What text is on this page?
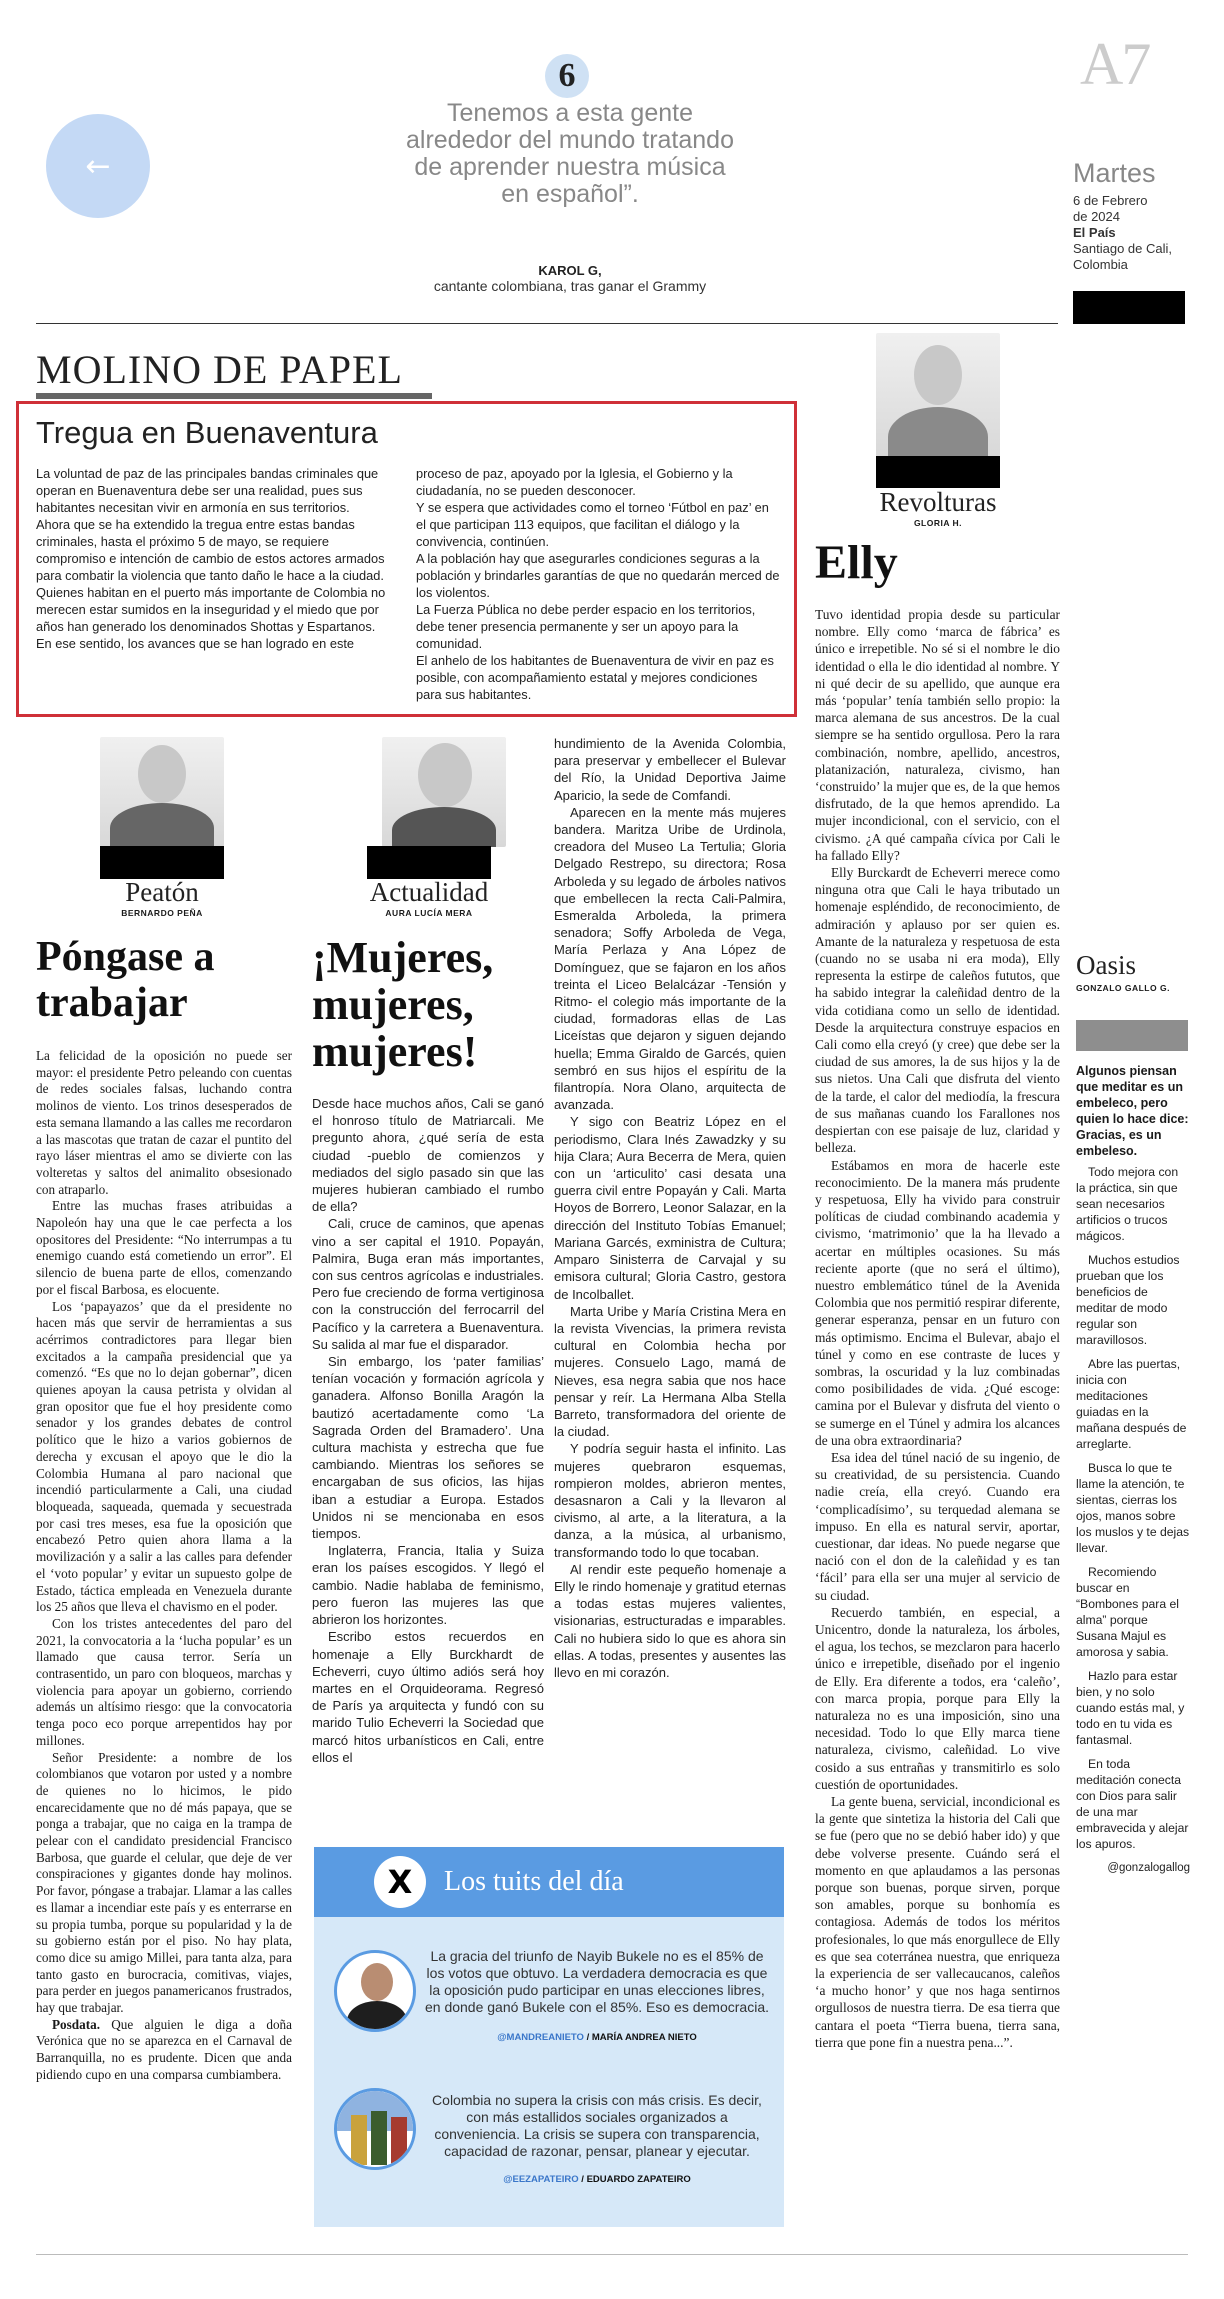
←
6
Tenemos a esta gente alrededor del mundo tratando de aprender nuestra música en español”.
KAROL G,
cantante colombiana, tras ganar el Grammy
A7
Martes
6 de Febrero
de 2024
El País
Santiago de Cali,
Colombia
MOLINO DE PAPEL
Tregua en Buenaventura

La voluntad de paz de las principales bandas criminales que operan en Buenaventura debe ser una realidad, pues sus habitantes necesitan vivir en armonía en sus territorios.

Ahora que se ha extendido la tregua entre estas bandas criminales, hasta el próximo 5 de mayo, se requiere compromiso e intención de cambio de estos actores armados para combatir la violencia que tanto daño le hace a la ciudad.

Quienes habitan en el puerto más importante de Colombia no merecen estar sumidos en la inseguridad y el miedo que por años han generado los denominados Shottas y Espartanos.

En ese sentido, los avances que se han logrado en este

proceso de paz, apoyado por la Iglesia, el Gobierno y la ciudadanía, no se pueden desconocer.

Y se espera que actividades como el torneo ‘Fútbol en paz’ en el que participan 113 equipos, que facilitan el diálogo y la convivencia, continúen.

A la población hay que asegurarles condiciones seguras a la población y brindarles garantías de que no quedarán merced de los violentos.

La Fuerza Pública no debe perder espacio en los territorios, debe tener presencia permanente y ser un apoyo para la comunidad.

El anhelo de los habitantes de Buenaventura de vivir en paz es posible, con acompañamiento estatal y mejores condiciones para sus habitantes.

Revolturas
GLORIA H.
Elly

Tuvo identidad propia desde su particular nombre. Elly como ‘marca de fábrica’ es único e irrepetible. No sé si el nombre le dio identidad o ella le dio identidad al nombre. Y ni qué decir de su apellido, que aunque era más ‘popular’ tenía también sello propio: la marca alemana de sus ancestros. De la cual siempre se ha sentido orgullosa. Pero la rara combinación, nombre, apellido, ancestros, platanización, naturaleza, civismo, han ‘construido’ la mujer que es, de la que hemos disfrutado, de la que hemos aprendido. La mujer incondicional, con el servicio, con el civismo. ¿A qué campaña cívica por Cali le ha fallado Elly?

Elly Burckardt de Echeverri merece como ninguna otra que Cali le haya tributado un homenaje espléndido, de reconocimiento, de admiración y aplauso por ser quien es. Amante de la naturaleza y respetuosa de esta (cuando no se usaba ni era moda), Elly representa la estirpe de caleños fututos, que ha sabido integrar la caleñidad dentro de la vida cotidiana como un sello de identidad. Desde la arquitectura construye espacios en Cali como ella creyó (y cree) que debe ser la ciudad de sus amores, la de sus hijos y la de sus nietos. Una Cali que disfruta del viento de la tarde, el calor del mediodía, la frescura de sus mañanas cuando los Farallones nos despiertan con ese paisaje de luz, claridad y belleza.

Estábamos en mora de hacerle este reconocimiento. De la manera más prudente y respetuosa, Elly ha vivido para construir políticas de ciudad combinando academia y civismo, ‘matrimonio’ que la ha llevado a acertar en múltiples ocasiones. Su más reciente aporte (que no será el último), nuestro emblemático túnel de la Avenida Colombia que nos permitió respirar diferente, generar esperanza, pensar en un futuro con más optimismo. Encima el Bulevar, abajo el túnel y como en ese contraste de luces y sombras, la oscuridad y la luz combinadas como posibilidades de vida. ¿Qué escoge: camina por el Bulevar y disfruta del viento o se sumerge en el Túnel y admira los alcances de una obra extraordinaria?

Esa idea del túnel nació de su ingenio, de su creatividad, de su persistencia. Cuando nadie creía, ella creyó. Cuando era ‘complicadísimo’, su terquedad alemana se impuso. En ella es natural servir, aportar, cuestionar, dar ideas. No puede negarse que nació con el don de la caleñidad y es tan ‘fácil’ para ella ser una mujer al servicio de su ciudad.

Recuerdo también, en especial, a Unicentro, donde la naturaleza, los árboles, el agua, los techos, se mezclaron para hacerlo único e irrepetible, diseñado por el ingenio de Elly. Era diferente a todos, era ‘caleño’, con marca propia, porque para Elly la naturaleza no es una imposición, sino una necesidad. Todo lo que Elly marca tiene naturaleza, civismo, caleñidad. Lo vive cosido a sus entrañas y transmitirlo es solo cuestión de oportunidades.

La gente buena, servicial, incondicional es la gente que sintetiza la historia del Cali que se fue (pero que no se debió haber ido) y que debe volverse presente. Cuándo será el momento en que aplaudamos a las personas porque son buenas, porque sirven, porque son amables, porque su bonhomía es contagiosa. Además de todos los méritos profesionales, lo que más enorgullece de Elly es que sea coterránea nuestra, que enriqueza la experiencia de ser vallecaucanos, caleños ‘a mucho honor’ y que nos haga sentirnos orgullosos de nuestra tierra. De esa tierra que cantara el poeta “Tierra buena, tierra sana, tierra que pone fin a nuestra pena...”.

Peatón
BERNARDO PEÑA
Póngase a trabajar

La felicidad de la oposición no puede ser mayor: el presidente Petro peleando con cuentas de redes sociales falsas, luchando contra molinos de viento. Los trinos desesperados de esta semana llamando a las calles me recordaron a las mascotas que tratan de cazar el puntito del rayo láser mientras el amo se divierte con las volteretas y saltos del animalito obsesionado con atraparlo.

Entre las muchas frases atribuidas a Napoleón hay una que le cae perfecta a los opositores del Presidente: “No interrumpas a tu enemigo cuando está cometiendo un error”. El silencio de buena parte de ellos, comenzando por el fiscal Barbosa, es elocuente.

Los ‘papayazos’ que da el presidente no hacen más que servir de herramientas a sus acérrimos contradictores para llegar bien excitados a la campaña presidencial que ya comenzó. “Es que no lo dejan gobernar”, dicen quienes apoyan la causa petrista y olvidan al gran opositor que fue el hoy presidente como senador y los grandes debates de control político que le hizo a varios gobiernos de derecha y excusan el apoyo que le dio la Colombia Humana al paro nacional que incendió particularmente a Cali, una ciudad bloqueada, saqueada, quemada y secuestrada por casi tres meses, esa fue la oposición que encabezó Petro quien ahora llama a la movilización y a salir a las calles para defender el ‘voto popular’ y evitar un supuesto golpe de Estado, táctica empleada en Venezuela durante los 25 años que lleva el chavismo en el poder.

Con los tristes antecedentes del paro del 2021, la convocatoria a la ‘lucha popular’ es un llamado que causa terror. Sería un contrasentido, un paro con bloqueos, marchas y violencia para apoyar un gobierno, corriendo además un altísimo riesgo: que la convocatoria tenga poco eco porque arrepentidos hay por millones.

Señor Presidente: a nombre de los colombianos que votaron por usted y a nombre de quienes no lo hicimos, le pido encarecidamente que no dé más papaya, que se ponga a trabajar, que no caiga en la trampa de pelear con el candidato presidencial Francisco Barbosa, que guarde el celular, que deje de ver conspiraciones y gigantes donde hay molinos. Por favor, póngase a trabajar. Llamar a las calles es llamar a incendiar este país y es enterrarse en su propia tumba, porque su popularidad y la de su gobierno están por el piso. No hay plata, como dice su amigo Millei, para tanta alza, para tanto gasto en burocracia, comitivas, viajes, para perder en juegos panamericanos frustrados, hay que trabajar.

Posdata. Que alguien le diga a doña Verónica que no se aparezca en el Carnaval de Barranquilla, no es prudente. Dicen que anda pidiendo cupo en una comparsa cumbiambera.

Actualidad
AURA LUCÍA MERA
¡Mujeres, mujeres, mujeres!

Desde hace muchos años, Cali se ganó el honroso título de Matriarcali. Me pregunto ahora, ¿qué sería de esta ciudad -pueblo de comienzos y mediados del siglo pasado sin que las mujeres hubieran cambiado el rumbo de ella?

Cali, cruce de caminos, que apenas vino a ser capital el 1910. Popayán, Palmira, Buga eran más importantes, con sus centros agrícolas e industriales. Pero fue creciendo de forma vertiginosa con la construcción del ferrocarril del Pacífico y la carretera a Buenaventura. Su salida al mar fue el disparador.

Sin embargo, los ‘pater familias’ tenían vocación y formación agrícola y ganadera. Alfonso Bonilla Aragón la bautizó acertadamente como ‘La Sagrada Orden del Bramadero’. Una cultura machista y estrecha que fue cambiando. Mientras los señores se encargaban de sus oficios, las hijas iban a estudiar a Europa. Estados Unidos ni se mencionaba en esos tiempos.

Inglaterra, Francia, Italia y Suiza eran los países escogidos. Y llegó el cambio. Nadie hablaba de feminismo, pero fueron las mujeres las que abrieron los horizontes.

Escribo estos recuerdos en homenaje a Elly Burckhardt de Echeverri, cuyo último adiós será hoy martes en el Orquideorama. Regresó de París ya arquitecta y fundó con su marido Tulio Echeverri la Sociedad que marcó hitos urbanísticos en Cali, entre ellos el

hundimiento de la Avenida Colombia, para preservar y embellecer el Bulevar del Río, la Unidad Deportiva Jaime Aparicio, la sede de Comfandi.

Aparecen en la mente más mujeres bandera. Maritza Uribe de Urdinola, creadora del Museo La Tertulia; Gloria Delgado Restrepo, su directora; Rosa Arboleda y su legado de árboles nativos que embellecen la recta Cali-Palmira, Esmeralda Arboleda, la primera senadora; Soffy Arboleda de Vega, María Perlaza y Ana López de Domínguez, que se fajaron en los años treinta el Liceo Belalcázar -Tensión y Ritmo- el colegio más importante de la ciudad, formadoras ellas de Las Liceístas que dejaron y siguen dejando huella; Emma Giraldo de Garcés, quien sembró en sus hijos el espíritu de la filantropía. Nora Olano, arquitecta de avanzada.

Y sigo con Beatriz López en el periodismo, Clara Inés Zawadzky y su hija Clara; Aura Becerra de Mera, quien con un ‘articulito’ casi desata una guerra civil entre Popayán y Cali. Marta Hoyos de Borrero, Leonor Salazar, en la dirección del Instituto Tobías Emanuel; Mariana Garcés, exministra de Cultura; Amparo Sinisterra de Carvajal y su emisora cultural; Gloria Castro, gestora de Incolballet.

Marta Uribe y María Cristina Mera en la revista Vivencias, la primera revista cultural en Colombia hecha por mujeres. Consuelo Lago, mamá de Nieves, esa negra sabia que nos hace pensar y reír. La Hermana Alba Stella Barreto, transformadora del oriente de la ciudad.

Y podría seguir hasta el infinito. Las mujeres quebraron esquemas, rompieron moldes, abrieron mentes, desasnaron a Cali y la llevaron al civismo, al arte, a la literatura, a la danza, a la música, al urbanismo, transformando todo lo que tocaban.

Al rendir este pequeño homenaje a Elly le rindo homenaje y gratitud eternas a todas estas mujeres valientes, visionarias, estructuradas e imparables. Cali no hubiera sido lo que es ahora sin ellas. A todas, presentes y ausentes las llevo en mi corazón.

Oasis
GONZALO GALLO G.
Algunos piensan que meditar es un embeleco, pero quien lo hace dice: Gracias, es un embeleso.

Todo mejora con la práctica, sin que sean necesarios artificios o trucos mágicos.

Muchos estudios prueban que los beneficios de meditar de modo regular son maravillosos.

Abre las puertas, inicia con meditaciones guiadas en la mañana después de arreglarte.

Busca lo que te llame la atención, te sientas, cierras los ojos, manos sobre los muslos y te dejas llevar.

Recomiendo buscar en “Bombones para el alma” porque Susana Majul es amorosa y sabia.

Hazlo para estar bien, y no solo cuando estás mal, y todo en tu vida es fantasmal.

En toda meditación conecta con Dios para salir de una mar embravecida y alejar los apuros.

@gonzalogallog

X	Los tuits del día
La gracia del triunfo de Nayib Bukele no es el 85% de los votos que obtuvo. La verdadera democracia es que la oposición pudo participar en unas elecciones libres, en donde ganó Bukele con el 85%. Eso es democracia.
@MANDREANIETO / MARÍA ANDREA NIETO
Colombia no supera la crisis con más crisis. Es decir, con más estallidos sociales organizados a conveniencia. La crisis se supera con transparencia, capacidad de razonar, pensar, planear y ejecutar.
@EEZAPATEIRO / EDUARDO ZAPATEIRO
